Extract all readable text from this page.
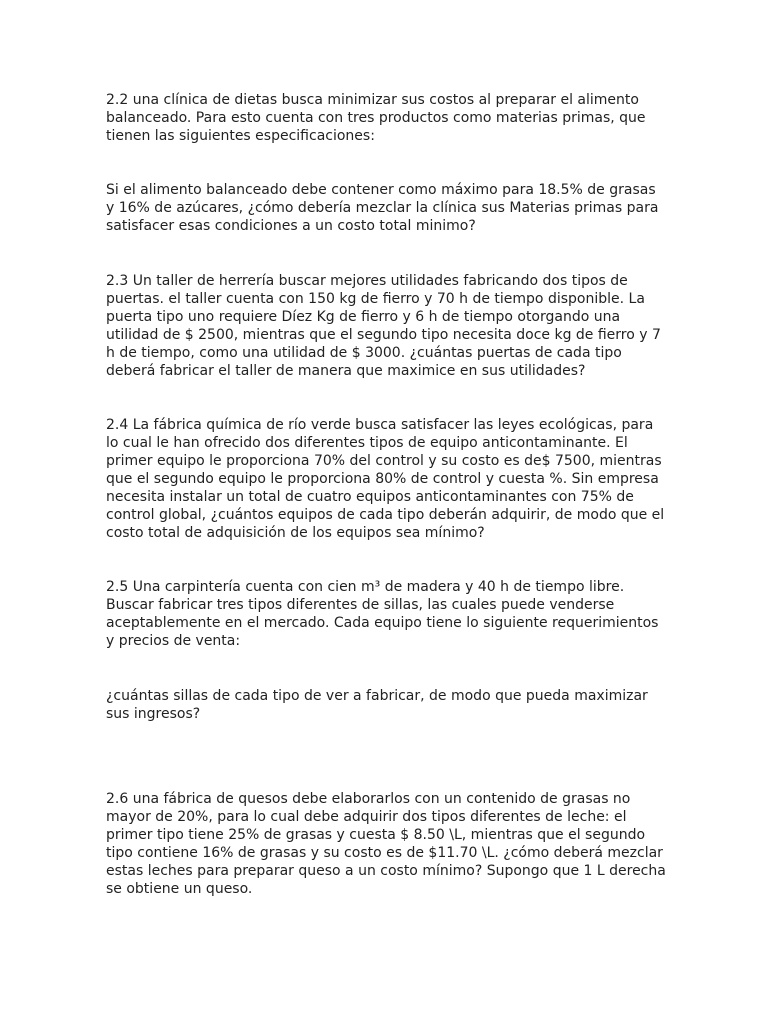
2.2 una clínica de dietas busca minimizar sus costos al preparar el alimento
balanceado. Para esto cuenta con tres productos como materias primas, que
tienen las siguientes especificaciones:

Si el alimento balanceado debe contener como máximo para 18.5% de grasas
y 16% de azúcares, ¿cómo debería mezclar la clínica sus Materias primas para
satisfacer esas condiciones a un costo total minimo?

2.3 Un taller de herrería buscar mejores utilidades fabricando dos tipos de
puertas. el taller cuenta con 150 kg de fierro y 70 h de tiempo disponible. La
puerta tipo uno requiere Díez Kg de fierro y 6 h de tiempo otorgando una
utilidad de $ 2500, mientras que el segundo tipo necesita doce kg de fierro y 7
h de tiempo, como una utilidad de $ 3000. ¿cuántas puertas de cada tipo
deberá fabricar el taller de manera que maximice en sus utilidades?

2.4 La fábrica química de río verde busca satisfacer las leyes ecológicas, para
lo cual le han ofrecido dos diferentes tipos de equipo anticontaminante. El
primer equipo le proporciona 70% del control y su costo es de$ 7500, mientras
que el segundo equipo le proporciona 80% de control y cuesta %. Sin empresa
necesita instalar un total de cuatro equipos anticontaminantes con 75% de
control global, ¿cuántos equipos de cada tipo deberán adquirir, de modo que el
costo total de adquisición de los equipos sea mínimo?

2.5 Una carpintería cuenta con cien m³ de madera y 40 h de tiempo libre.
Buscar fabricar tres tipos diferentes de sillas, las cuales puede venderse
aceptablemente en el mercado. Cada equipo tiene lo siguiente requerimientos
y precios de venta:

¿cuántas sillas de cada tipo de ver a fabricar, de modo que pueda maximizar
sus ingresos?

2.6 una fábrica de quesos debe elaborarlos con un contenido de grasas no
mayor de 20%, para lo cual debe adquirir dos tipos diferentes de leche: el
primer tipo tiene 25% de grasas y cuesta $ 8.50 \L, mientras que el segundo
tipo contiene 16% de grasas y su costo es de $11.70 \L. ¿cómo deberá mezclar
estas leches para preparar queso a un costo mínimo? Supongo que 1 L derecha
se obtiene un queso.
